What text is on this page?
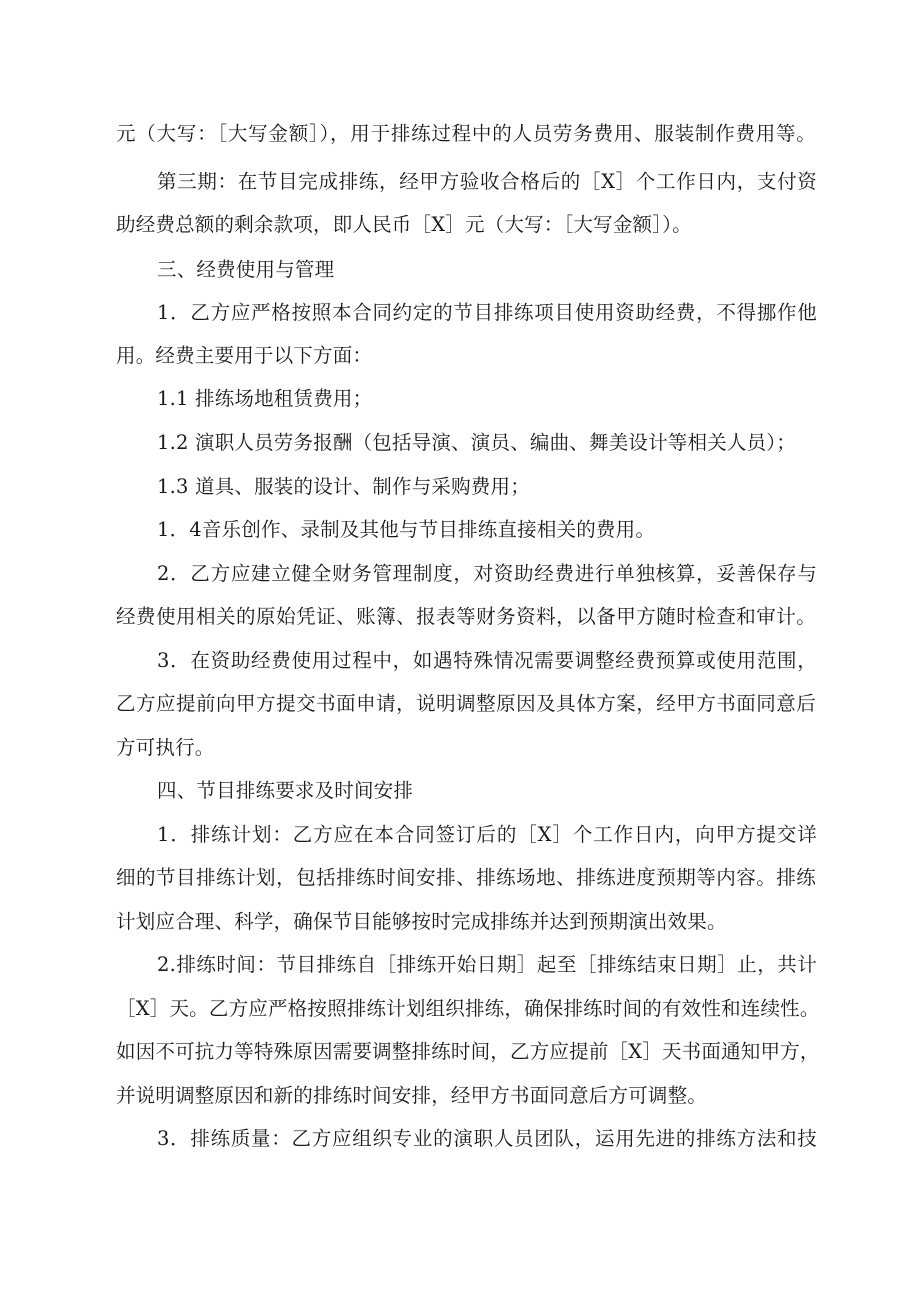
元（大写：［大写金额］），用于排练过程中的人员劳务费用、服装制作费用等。
第三期：在节目完成排练，经甲方验收合格后的［X］个工作日内，支付资
助经费总额的剩余款项，即人民币［X］元（大写：［大写金额］）。
三、经费使用与管理
1．乙方应严格按照本合同约定的节目排练项目使用资助经费，不得挪作他
用。经费主要用于以下方面：
1.1 排练场地租赁费用；
1.2 演职人员劳务报酬（包括导演、演员、编曲、舞美设计等相关人员）；
1.3 道具、服装的设计、制作与采购费用；
1．4音乐创作、录制及其他与节目排练直接相关的费用。
2．乙方应建立健全财务管理制度，对资助经费进行单独核算，妥善保存与
经费使用相关的原始凭证、账簿、报表等财务资料，以备甲方随时检查和审计。
3．在资助经费使用过程中，如遇特殊情况需要调整经费预算或使用范围，
乙方应提前向甲方提交书面申请，说明调整原因及具体方案，经甲方书面同意后
方可执行。
四、节目排练要求及时间安排
1．排练计划：乙方应在本合同签订后的［X］个工作日内，向甲方提交详
细的节目排练计划，包括排练时间安排、排练场地、排练进度预期等内容。排练
计划应合理、科学，确保节目能够按时完成排练并达到预期演出效果。
2.排练时间：节目排练自［排练开始日期］起至［排练结束日期］止，共计
［X］天。乙方应严格按照排练计划组织排练，确保排练时间的有效性和连续性。
如因不可抗力等特殊原因需要调整排练时间，乙方应提前［X］天书面通知甲方，
并说明调整原因和新的排练时间安排，经甲方书面同意后方可调整。
3．排练质量：乙方应组织专业的演职人员团队，运用先进的排练方法和技
